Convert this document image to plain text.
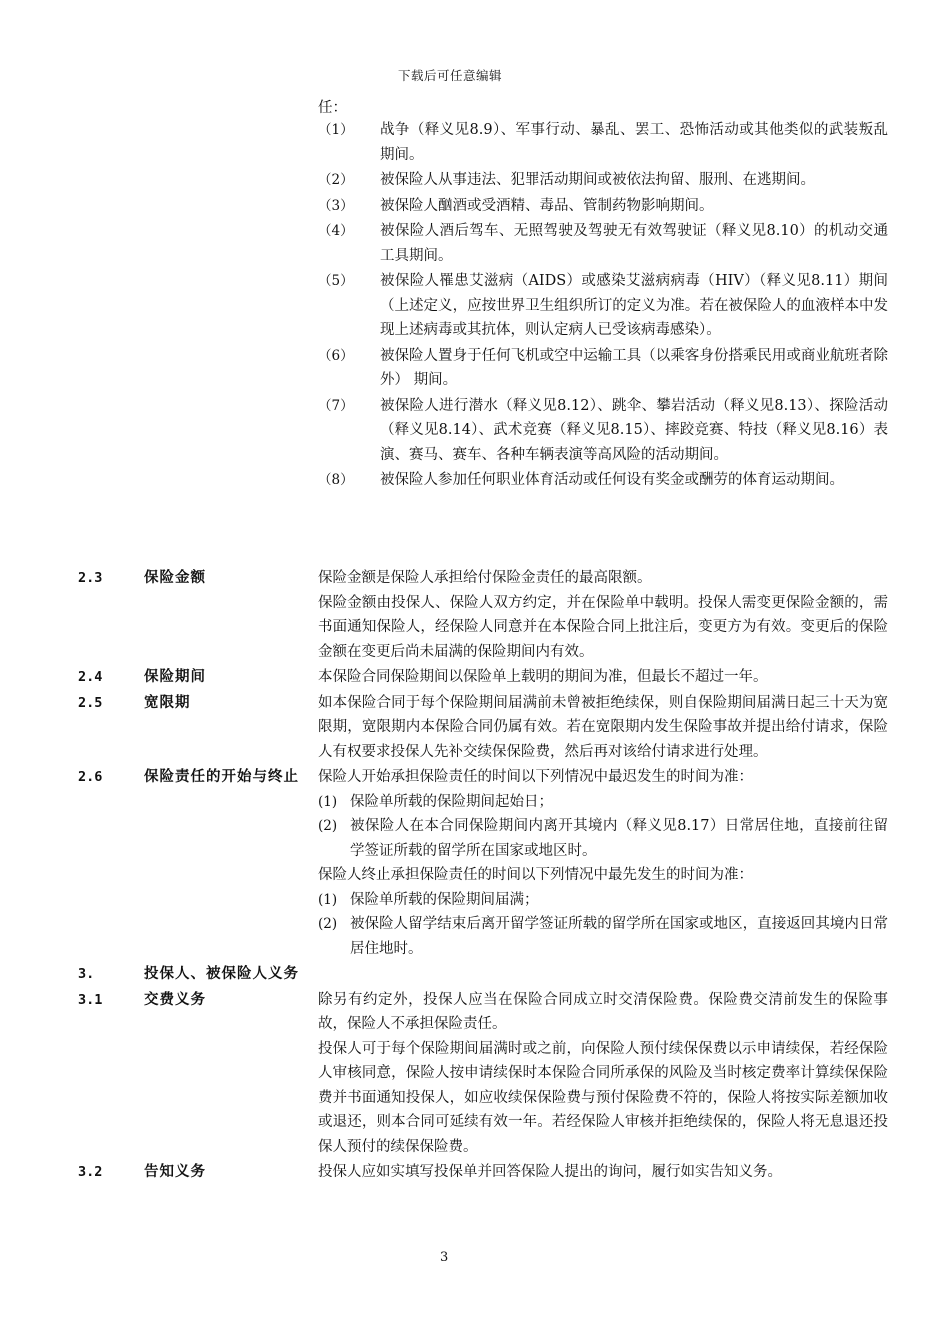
下载后可任意编辑
任：
（1）	战争（释义见8.9）、军事行动、暴乱、罢工、恐怖活动或其他类似的武装叛乱期间。
（2）	被保险人从事违法、犯罪活动期间或被依法拘留、服刑、在逃期间。
（3）	被保险人酗酒或受酒精、毒品、管制药物影响期间。
（4）	被保险人酒后驾车、无照驾驶及驾驶无有效驾驶证（释义见8.10）的机动交通工具期间。
（5）	被保险人罹患艾滋病（AIDS）或感染艾滋病病毒（HIV）（释义见8.11）期间（上述定义，应按世界卫生组织所订的定义为准。若在被保险人的血液样本中发现上述病毒或其抗体，则认定病人已受该病毒感染）。
（6）	被保险人置身于任何飞机或空中运输工具（以乘客身份搭乘民用或商业航班者除外） 期间。
（7）	被保险人进行潜水（释义见8.12）、跳伞、攀岩活动（释义见8.13）、探险活动（释义见8.14）、武术竞赛（释义见8.15）、摔跤竞赛、特技（释义见8.16）表演、赛马、赛车、各种车辆表演等高风险的活动期间。
（8）	被保险人参加任何职业体育活动或任何设有奖金或酬劳的体育运动期间。
2.3	保险金额	保险金额是保险人承担给付保险金责任的最高限额。

保险金额由投保人、保险人双方约定，并在保险单中载明。投保人需变更保险金额的，需书面通知保险人，经保险人同意并在本保险合同上批注后，变更方为有效。变更后的保险金额在变更后尚未届满的保险期间内有效。

2.4	保险期间	本保险合同保险期间以保险单上载明的期间为准，但最长不超过一年。

2.5	宽限期	如本保险合同于每个保险期间届满前未曾被拒绝续保，则自保险期间届满日起三十天为宽限期，宽限期内本保险合同仍属有效。若在宽限期内发生保险事故并提出给付请求，保险人有权要求投保人先补交续保保险费，然后再对该给付请求进行处理。

2.6	保险责任的开始与终止	保险人开始承担保险责任的时间以下列情况中最迟发生的时间为准：

(1) 保险单所载的保险期间起始日；
(2) 被保险人在本合同保险期间内离开其境内（释义见8.17）日常居住地，直接前往留学签证所载的留学所在国家或地区时。

保险人终止承担保险责任的时间以下列情况中最先发生的时间为准：

(1) 保险单所载的保险期间届满；
(2) 被保险人留学结束后离开留学签证所载的留学所在国家或地区，直接返回其境内日常居住地时。
3.	投保人、被保险人义务
3.1	交费义务	除另有约定外，投保人应当在保险合同成立时交清保险费。保险费交清前发生的保险事故，保险人不承担保险责任。

投保人可于每个保险期间届满时或之前，向保险人预付续保保费以示申请续保，若经保险人审核同意，保险人按申请续保时本保险合同所承保的风险及当时核定费率计算续保保险费并书面通知投保人，如应收续保保险费与预付保险费不符的，保险人将按实际差额加收或退还，则本合同可延续有效一年。若经保险人审核并拒绝续保的，保险人将无息退还投保人预付的续保保险费。

3.2	告知义务	投保人应如实填写投保单并回答保险人提出的询问，履行如实告知义务。

3
